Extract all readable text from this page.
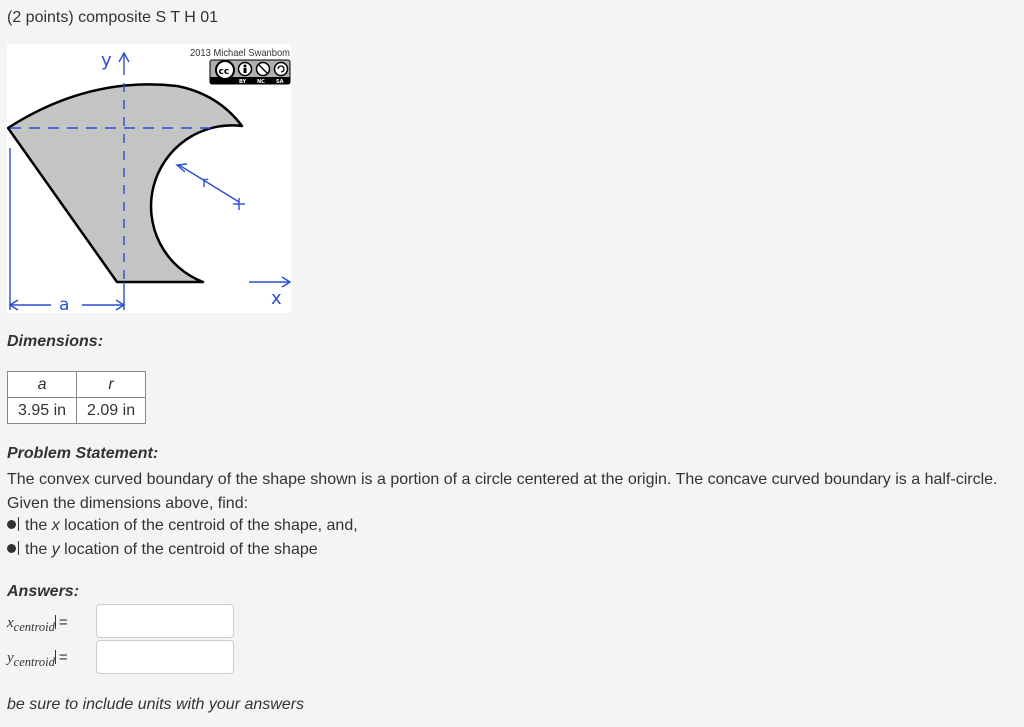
(2 points) composite S T H 01
y
x
a
r
2013 Michael Swanbom
cc
BY NC SA
Dimensions:
a	r
3.95 in	2.09 in
Problem Statement:
The convex curved boundary of the shape shown is a portion of a circle centered at the origin. The concave curved boundary is a half-circle. Given the dimensions above, find:
the x location of the centroid of the shape, and,
the y location of the centroid of the shape
Answers:
$x_{centroid}$ =
$y_{centroid}$ =
be sure to include units with your answers
